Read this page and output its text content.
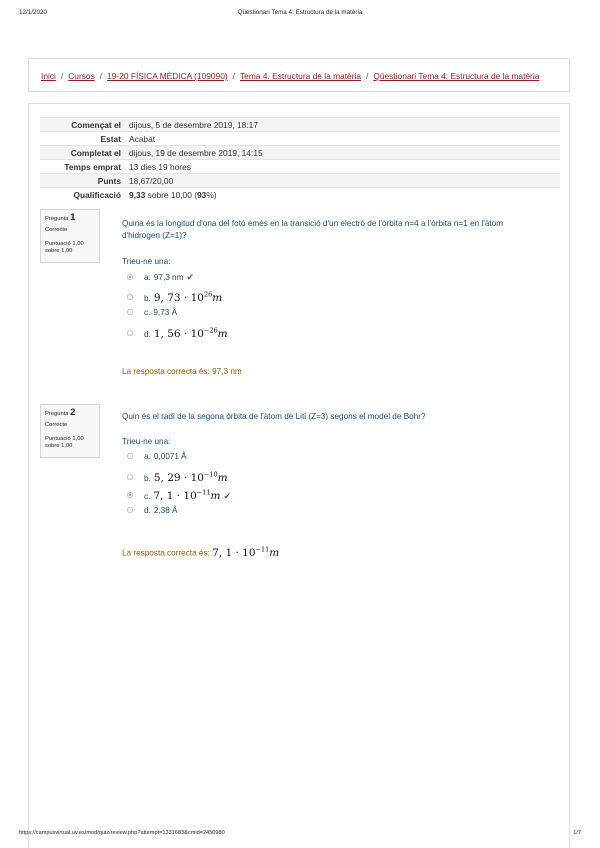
12/1/2020	Qüestionari Tema 4: Estructura de la matèria
Inici / Cursos / 19-20 FÍSICA MÈDICA (109090) / Tema 4. Estructura de la matèria / Qüestionari Tema 4: Estructura de la matèria
Començat el	dijous, 5 de desembre 2019, 18:17
Estat	Acabat
Completat el	dijous, 19 de desembre 2019, 14:15
Temps emprat	13 dies 19 hores
Punts	18,67/20,00
Qualificació	9,33 sobre 10,00 (93%)
Pregunta 1
Correcte
Puntuació 1,00 sobre 1,00
Quina és la longitud d'ona del fotó emès en la transició d'un electró de l'òrbita n=4 a l'òrbita n=1 en l'àtom d'hidrogen (Z=1)?
Trieu-ne una:
a. 97,3 nm ✔
b. 9, $73 \cdot 10^{26}m$
c. 9,73 Å
d. 1, $56 \cdot 10^{-26}m$
La resposta correcta és: 97,3 nm
Pregunta 2
Correcte
Puntuació 1,00 sobre 1,00
Quin és el radi de la segona òrbita de l'àtom de Liti (Z=3) segons el model de Bohr?
Trieu-ne una:
a. 0,0071 Å
b. 5, $29 \cdot 10^{-10}m$
c. 7, $1 \cdot 10^{-11}m$ ✔
d. 2,38 Å
La resposta correcta és: 7, $1 \cdot 10^{-11}m$
https://campusvirtual.uv.es/mod/quiz/review.php?attempt=1331683&cmid=2450980	1/7
